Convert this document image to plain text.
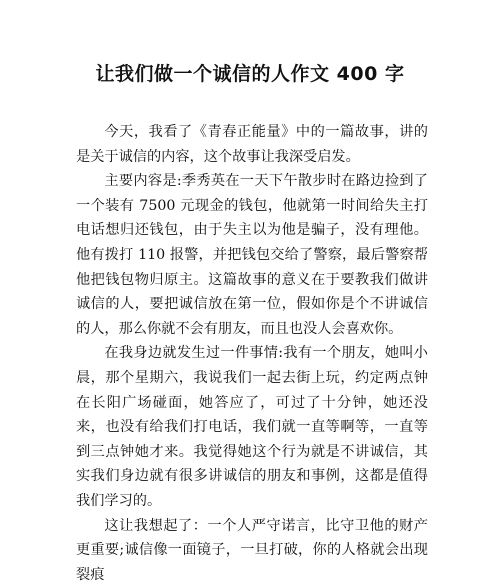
让我们做一个诚信的人作文 400 字

今天，我看了《青春正能量》中的一篇故事，讲的是关于诚信的内容，这个故事让我深受启发。

主要内容是:季秀英在一天下午散步时在路边捡到了一个装有 7500 元现金的钱包，他就第一时间给失主打电话想归还钱包，由于失主以为他是骗子，没有理他。他有拨打 110 报警，并把钱包交给了警察，最后警察帮他把钱包物归原主。这篇故事的意义在于要教我们做讲诚信的人，要把诚信放在第一位，假如你是个不讲诚信的人，那么你就不会有朋友，而且也没人会喜欢你。

在我身边就发生过一件事情:我有一个朋友，她叫小晨，那个星期六，我说我们一起去街上玩，约定两点钟在长阳广场碰面，她答应了，可过了十分钟，她还没来，也没有给我们打电话，我们就一直等啊等，一直等到三点钟她才来。我觉得她这个行为就是不讲诚信，其实我们身边就有很多讲诚信的朋友和事例，这都是值得我们学习的。

这让我想起了：一个人严守诺言，比守卫他的财产更重要;诚信像一面镜子，一旦打破，你的人格就会出现裂痕
